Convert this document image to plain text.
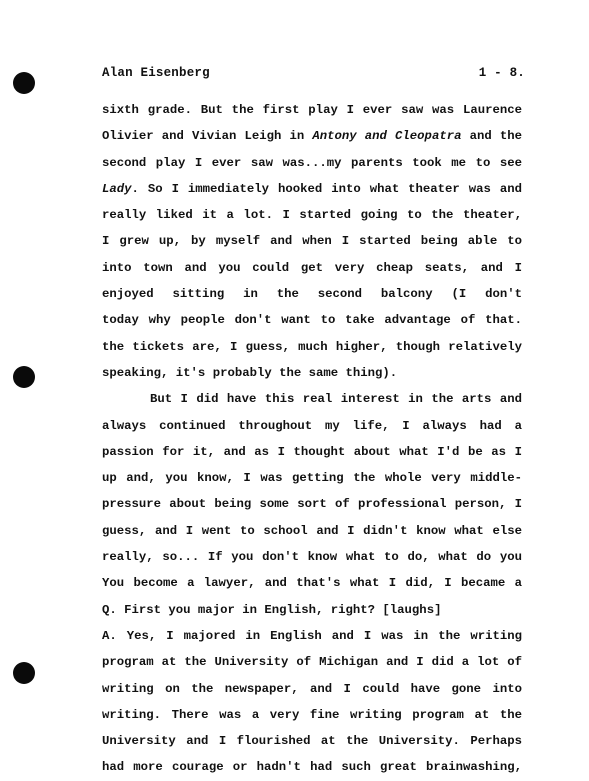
Alan Eisenberg	1 - 8.
sixth grade. But the first play I ever saw was Laurence
Olivier and Vivian Leigh in Antony and Cleopatra and the
second play I ever saw was...my parents took me to see
Lady. So I immediately hooked into what theater was and
really liked it a lot. I started going to the theater,
I grew up, by myself and when I started being able to
into town and you could get very cheap seats, and I
enjoyed sitting in the second balcony (I don't
today why people don't want to take advantage of that.
the tickets are, I guess, much higher, though relatively
speaking, it's probably the same thing).
But I did have this real interest in the arts and
always continued throughout my life, I always had a
passion for it, and as I thought about what I'd be as I
up and, you know, I was getting the whole very middle-
pressure about being some sort of professional person, I
guess, and I went to school and I didn't know what else
really, so... If you don't know what to do, what do you
You become a lawyer, and that's what I did, I became a
Q. First you major in English, right? [laughs]
A. Yes, I majored in English and I was in the writing
program at the University of Michigan and I did a lot of
writing on the newspaper, and I could have gone into
writing. There was a very fine writing program at the
University and I flourished at the University. Perhaps
had more courage or hadn't had such great brainwashing,
